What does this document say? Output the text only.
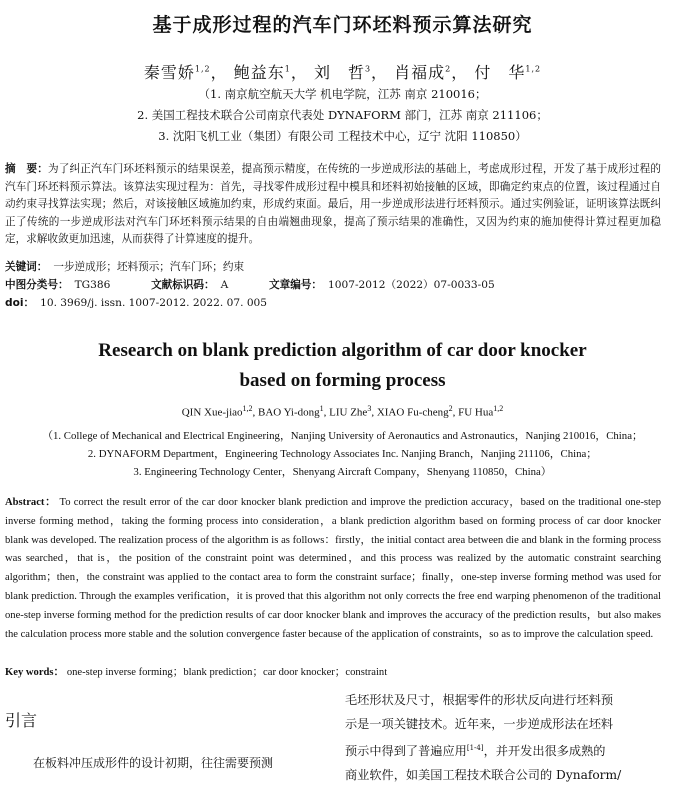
基于成形过程的汽车门环坯料预示算法研究
秦雪娇$^{1,2}$， 鲍益东$^1$， 刘　哲$^3$， 肖福成$^2$， 付　华$^{1,2}$
（1. 南京航空航天大学 机电学院，江苏 南京 210016；
2. 美国工程技术联合公司南京代表处 DYNAFORM 部门，江苏 南京 211106；
3. 沈阳飞机工业（集团）有限公司 工程技术中心，辽宁 沈阳 110850）
摘　要：为了纠正汽车门环坯料预示的结果误差，提高预示精度，在传统的一步逆成形法的基础上，考虑成形过程，开发了基于成形过程的汽车门环坯料预示算法。该算法实现过程为：首先，寻找零件成形过程中模具和坯料初始接触的区域，即确定约束点的位置，该过程通过自动约束寻找算法实现；然后，对该接触区域施加约束，形成约束面。最后，用一步逆成形法进行坯料预示。通过实例验证，证明该算法既纠正了传统的一步逆成形法对汽车门环坯料预示结果的自由端翘曲现象，提高了预示结果的准确性，又因为约束的施加使得计算过程更加稳定，求解收敛更加迅速，从而获得了计算速度的提升。
关键词： 一步逆成形；坯料预示；汽车门环；约束
中图分类号： TG386	文献标识码： A	文章编号： 1007-2012（2022）07-0033-05
doi： 10. 3969/j. issn. 1007-2012. 2022. 07. 005
Research on blank prediction algorithm of car door knocker
based on forming process
QIN Xue-jiao$^{1,2}$, BAO Yi-dong$^1$, LIU Zhe$^3$, XIAO Fu-cheng$^2$, FU Hua$^{1,2}$
（1. College of Mechanical and Electrical Engineering，Nanjing University of Aeronautics and Astronautics，Nanjing 210016，China；
2. DYNAFORM Department，Engineering Technology Associates Inc. Nanjing Branch，Nanjing 211106，China；
3. Engineering Technology Center，Shenyang Aircraft Company，Shenyang 110850，China）
Abstract： To correct the result error of the car door knocker blank prediction and improve the prediction accuracy，based on the traditional one-step inverse forming method，taking the forming process into consideration，a blank prediction algorithm based on forming process of car door knocker blank was developed. The realization process of the algorithm is as follows：firstly，the initial contact area between die and blank in the forming process was searched，that is，the position of the constraint point was determined，and this process was realized by the automatic constraint searching algorithm；then，the constraint was applied to the contact area to form the constraint surface；finally，one-step inverse forming method was used for blank prediction. Through the examples verification，it is proved that this algorithm not only corrects the free end warping phenomenon of the traditional one-step inverse forming method for the prediction results of car door knocker blank and improves the accuracy of the prediction results，but also makes the calculation process more stable and the solution convergence faster because of the application of constraints，so as to improve the calculation speed.
Key words： one-step inverse forming；blank prediction；car door knocker；constraint
引言
在板料冲压成形件的设计初期，往往需要预测
毛坯形状及尺寸，根据零件的形状反向进行坯料预
示是一项关键技术。近年来，一步逆成形法在坯料
预示中得到了普遍应用[1-4]，并开发出很多成熟的
商业软件，如美国工程技术联合公司的 Dynaform/
